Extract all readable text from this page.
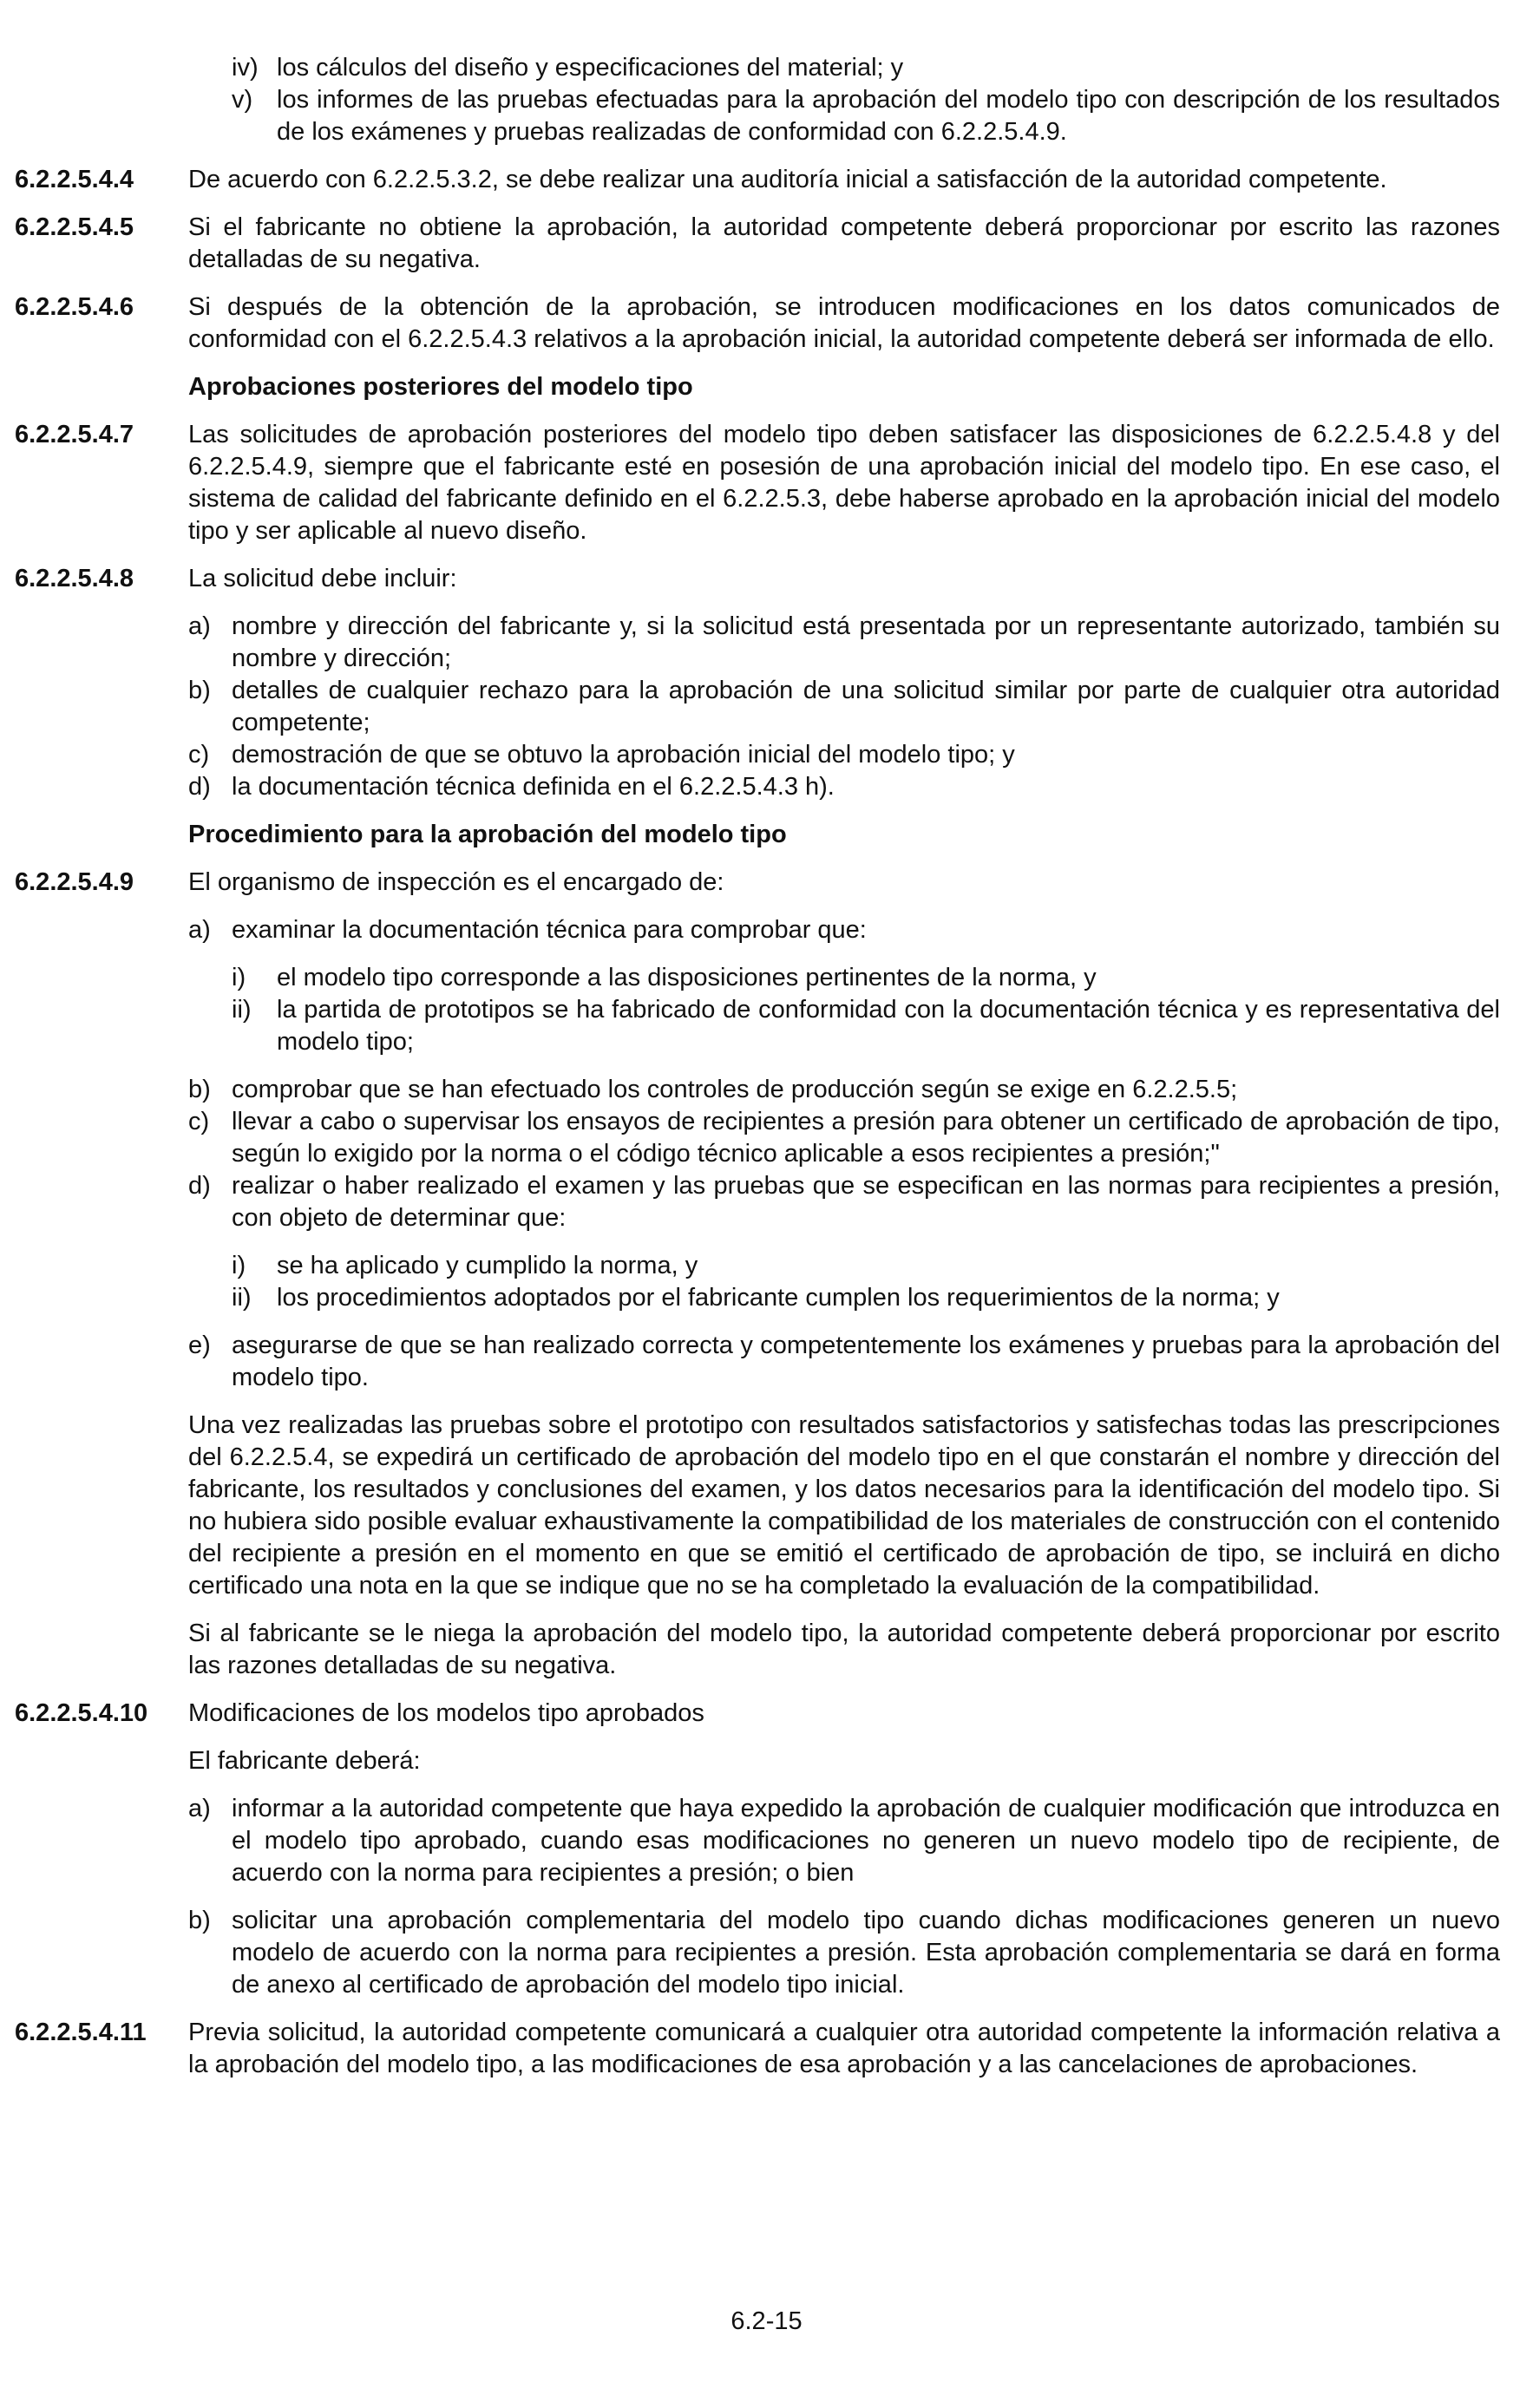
iv) los cálculos del diseño y especificaciones del material; y
v) los informes de las pruebas efectuadas para la aprobación del modelo tipo con descripción de los resultados de los exámenes y pruebas realizadas de conformidad con 6.2.2.5.4.9.
6.2.2.5.4.4	De acuerdo con 6.2.2.5.3.2, se debe realizar una auditoría inicial a satisfacción de la autoridad competente.
6.2.2.5.4.5	Si el fabricante no obtiene la aprobación, la autoridad competente deberá proporcionar por escrito las razones detalladas de su negativa.
6.2.2.5.4.6	Si después de la obtención de la aprobación, se introducen modificaciones en los datos comunicados de conformidad con el 6.2.2.5.4.3 relativos a la aprobación inicial, la autoridad competente deberá ser informada de ello.
Aprobaciones posteriores del modelo tipo
6.2.2.5.4.7	Las solicitudes de aprobación posteriores del modelo tipo deben satisfacer las disposiciones de 6.2.2.5.4.8 y del 6.2.2.5.4.9, siempre que el fabricante esté en posesión de una aprobación inicial del modelo tipo. En ese caso, el sistema de calidad del fabricante definido en el 6.2.2.5.3, debe haberse aprobado en la aprobación inicial del modelo tipo y ser aplicable al nuevo diseño.
6.2.2.5.4.8	La solicitud debe incluir:
a) nombre y dirección del fabricante y, si la solicitud está presentada por un representante autorizado, también su nombre y dirección;
b) detalles de cualquier rechazo para la aprobación de una solicitud similar por parte de cualquier otra autoridad competente;
c) demostración de que se obtuvo la aprobación inicial del modelo tipo; y
d) la documentación técnica definida en el 6.2.2.5.4.3 h).
Procedimiento para la aprobación del modelo tipo
6.2.2.5.4.9	El organismo de inspección es el encargado de:
a) examinar la documentación técnica para comprobar que:
i)	el modelo tipo corresponde a las disposiciones pertinentes de la norma, y
ii)	la partida de prototipos se ha fabricado de conformidad con la documentación técnica y es representativa del modelo tipo;
b) comprobar que se han efectuado los controles de producción según se exige en 6.2.2.5.5;
c) llevar a cabo o supervisar los ensayos de recipientes a presión para obtener un certificado de aprobación de tipo, según lo exigido por la norma o el código técnico aplicable a esos recipientes a presión;"
d) realizar o haber realizado el examen y las pruebas que se especifican en las normas para recipientes a presión, con objeto de determinar que:
i)	se ha aplicado y cumplido la norma, y
ii)	los procedimientos adoptados por el fabricante cumplen los requerimientos de la norma; y
e) asegurarse de que se han realizado correcta y competentemente los exámenes y pruebas para la aprobación del modelo tipo.
Una vez realizadas las pruebas sobre el prototipo con resultados satisfactorios y satisfechas todas las prescripciones del 6.2.2.5.4, se expedirá un certificado de aprobación del modelo tipo en el que constarán el nombre y dirección del fabricante, los resultados y conclusiones del examen, y los datos necesarios para la identificación del modelo tipo. Si no hubiera sido posible evaluar exhaustivamente la compatibilidad de los materiales de construcción con el contenido del recipiente a presión en el momento en que se emitió el certificado de aprobación de tipo, se incluirá en dicho certificado una nota en la que se indique que no se ha completado la evaluación de la compatibilidad.
Si al fabricante se le niega la aprobación del modelo tipo, la autoridad competente deberá proporcionar por escrito las razones detalladas de su negativa.
6.2.2.5.4.10	Modificaciones de los modelos tipo aprobados
El fabricante deberá:
a) informar a la autoridad competente que haya expedido la aprobación de cualquier modificación que introduzca en el modelo tipo aprobado, cuando esas modificaciones no generen un nuevo modelo tipo de recipiente, de acuerdo con la norma para recipientes a presión; o bien
b) solicitar una aprobación complementaria del modelo tipo cuando dichas modificaciones generen un nuevo modelo de acuerdo con la norma para recipientes a presión. Esta aprobación complementaria se dará en forma de anexo al certificado de aprobación del modelo tipo inicial.
6.2.2.5.4.11	Previa solicitud, la autoridad competente comunicará a cualquier otra autoridad competente la información relativa a la aprobación del modelo tipo, a las modificaciones de esa aprobación y a las cancelaciones de aprobaciones.
6.2-15
